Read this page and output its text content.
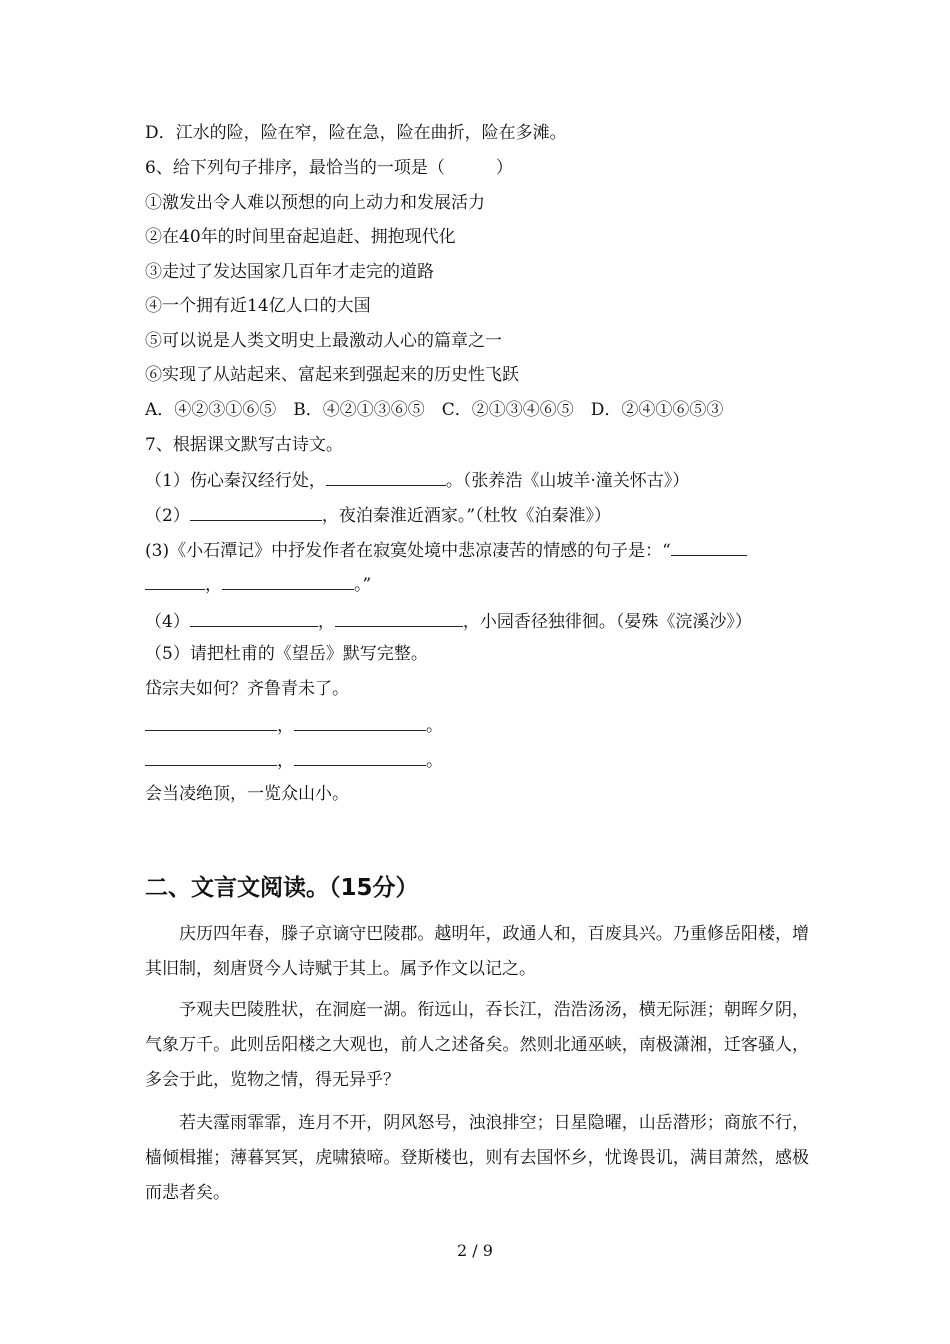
D．江水的险，险在窄，险在急，险在曲折，险在多滩。
6、给下列句子排序，最恰当的一项是（　　　）
①激发出令人难以预想的向上动力和发展活力
②在40年的时间里奋起追赶、拥抱现代化
③走过了发达国家几百年才走完的道路
④一个拥有近14亿人口的大国
⑤可以说是人类文明史上最激动人心的篇章之一
⑥实现了从站起来、富起来到强起来的历史性飞跃
A．④②③①⑥⑤　B．④②①③⑥⑤　C．②①③④⑥⑤　D．②④①⑥⑤③
7、根据课文默写古诗文。
（1）伤心秦汉经行处，	。（张养浩《山坡羊·潼关怀古》）
（2）	，夜泊秦淮近酒家。”（杜牧《泊秦淮》）
(3)《小石潭记》中抒发作者在寂寞处境中悲凉凄苦的情感的句子是：“
，	。”
（4）	，	，小园香径独徘徊。（晏殊《浣溪沙》）
（5）请把杜甫的《望岳》默写完整。
岱宗夫如何？齐鲁青未了。
，	。
，	。
会当凌绝顶，一览众山小。
二、文言文阅读。（15分）
庆历四年春，滕子京谪守巴陵郡。越明年，政通人和，百废具兴。乃重修岳阳楼，增其旧制，刻唐贤今人诗赋于其上。属予作文以记之。
予观夫巴陵胜状，在洞庭一湖。衔远山，吞长江，浩浩汤汤，横无际涯；朝晖夕阴，气象万千。此则岳阳楼之大观也，前人之述备矣。然则北通巫峡，南极潇湘，迁客骚人，多会于此，览物之情，得无异乎？
若夫霪雨霏霏，连月不开，阴风怒号，浊浪排空；日星隐曜，山岳潜形；商旅不行，樯倾楫摧；薄暮冥冥，虎啸猿啼。登斯楼也，则有去国怀乡，忧谗畏讥，满目萧然，感极而悲者矣。
2 / 9
